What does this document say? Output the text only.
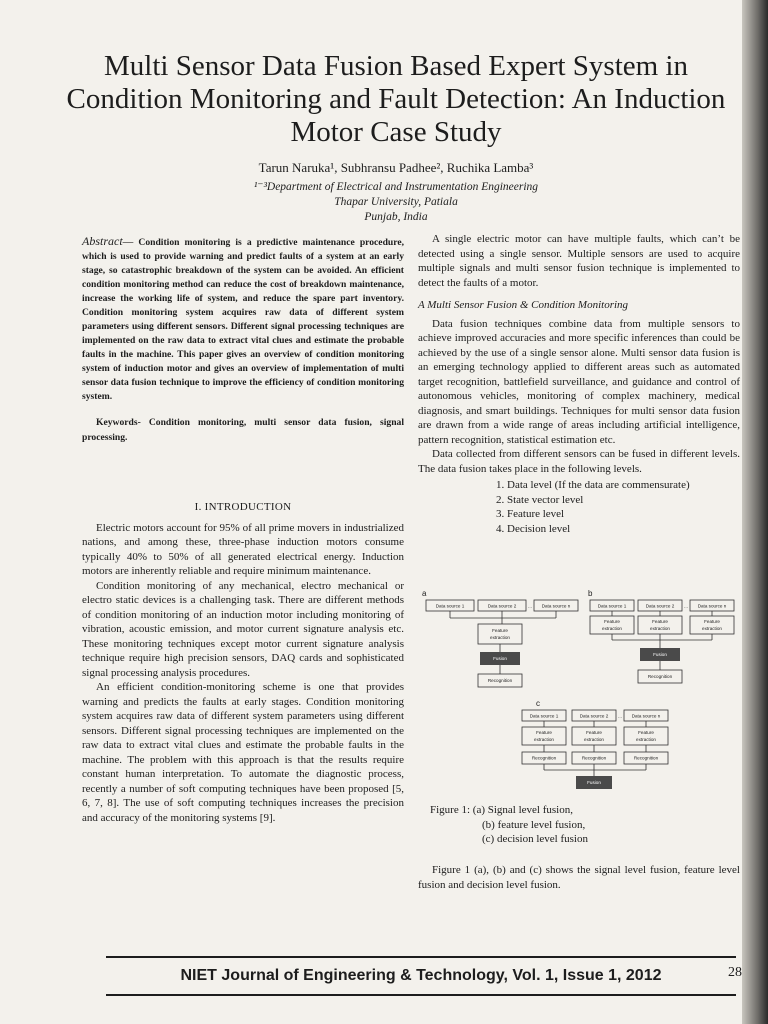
Multi Sensor Data Fusion Based Expert System in Condition Monitoring and Fault Detection: An Induction Motor Case Study
Tarun Naruka¹, Subhransu Padhee², Ruchika Lamba³
¹⁻³Department of Electrical and Instrumentation Engineering
Thapar University, Patiala
Punjab, India

Abstract— Condition monitoring is a predictive maintenance procedure, which is used to provide warning and predict faults of a system at an early stage, so catastrophic breakdown of the system can be avoided. An efficient condition monitoring method can reduce the cost of breakdown maintenance, increase the working life of system, and reduce the spare part inventory. Condition monitoring system acquires raw data of different system parameters using different sensors. Different signal processing techniques are implemented on the raw data to extract vital clues and estimate the probable faults in the machine. This paper gives an overview of condition monitoring system of induction motor and gives an overview of implementation of multi sensor data fusion technique to improve the efficiency of condition monitoring system.

Keywords- Condition monitoring, multi sensor data fusion, signal processing.

I. INTRODUCTION

Electric motors account for 95% of all prime movers in industrialized nations, and among these, three-phase induction motors consume typically 40% to 50% of all generated electrical energy. Induction motors are inherently reliable and require minimum maintenance.

Condition monitoring of any mechanical, electro mechanical or electro static devices is a challenging task. There are different methods of condition monitoring of an induction motor including monitoring of vibration, acoustic emission, and motor current signature analysis etc. These monitoring techniques except motor current signature analysis technique require high precision sensors, DAQ cards and sophisticated signal processing analysis procedures.

An efficient condition-monitoring scheme is one that provides warning and predicts the faults at early stages. Condition monitoring system acquires raw data of different system parameters using different sensors. Different signal processing techniques are implemented on the raw data to extract vital clues and estimate the probable faults in the machine. The problem with this approach is that the results require constant human interpretation. To automate the diagnostic process, recently a number of soft computing techniques have been proposed [5, 6, 7, 8]. The use of soft computing techniques increases the precision and accuracy of the monitoring systems [9].

A single electric motor can have multiple faults, which can’t be detected using a single sensor. Multiple sensors are used to acquire multiple signals and multi sensor fusion technique is implemented to detect the faults of a motor.

A Multi Sensor Fusion & Condition Monitoring

Data fusion techniques combine data from multiple sensors to achieve improved accuracies and more specific inferences than could be achieved by the use of a single sensor alone. Multi sensor data fusion is an emerging technology applied to different areas such as automated target recognition, battlefield surveillance, and guidance and control of autonomous vehicles, monitoring of complex machinery, medical diagnosis, and smart buildings. Techniques for multi sensor data fusion are drawn from a wide range of areas including artificial intelligence, pattern recognition, statistical estimation etc.

Data collected from different sensors can be fused in different levels. The data fusion takes place in the following levels.

1. Data level (If the data are commensurate)
2. State vector level
3. Feature level
4. Decision level
a	b
c
Data source 1	Data source 2	... Data source n
Feature
extraction
Fusion
Recognition
Data source 1	Data source 2 ... Data source n
Feature
extraction
Feature
extraction
Feature
extraction
Fusion
Recognition
Data source 1	Data source 2 ... Data source n
Feature
extraction
Feature
extraction
Feature
extraction
Recognition	Recognition	Recognition
Fusion
Figure 1: (a) Signal level fusion,
(b) feature level fusion,
(c) decision level fusion

Figure 1 (a), (b) and (c) shows the signal level fusion, feature level fusion and decision level fusion.

NIET Journal of Engineering & Technology, Vol. 1, Issue 1, 2012	28
